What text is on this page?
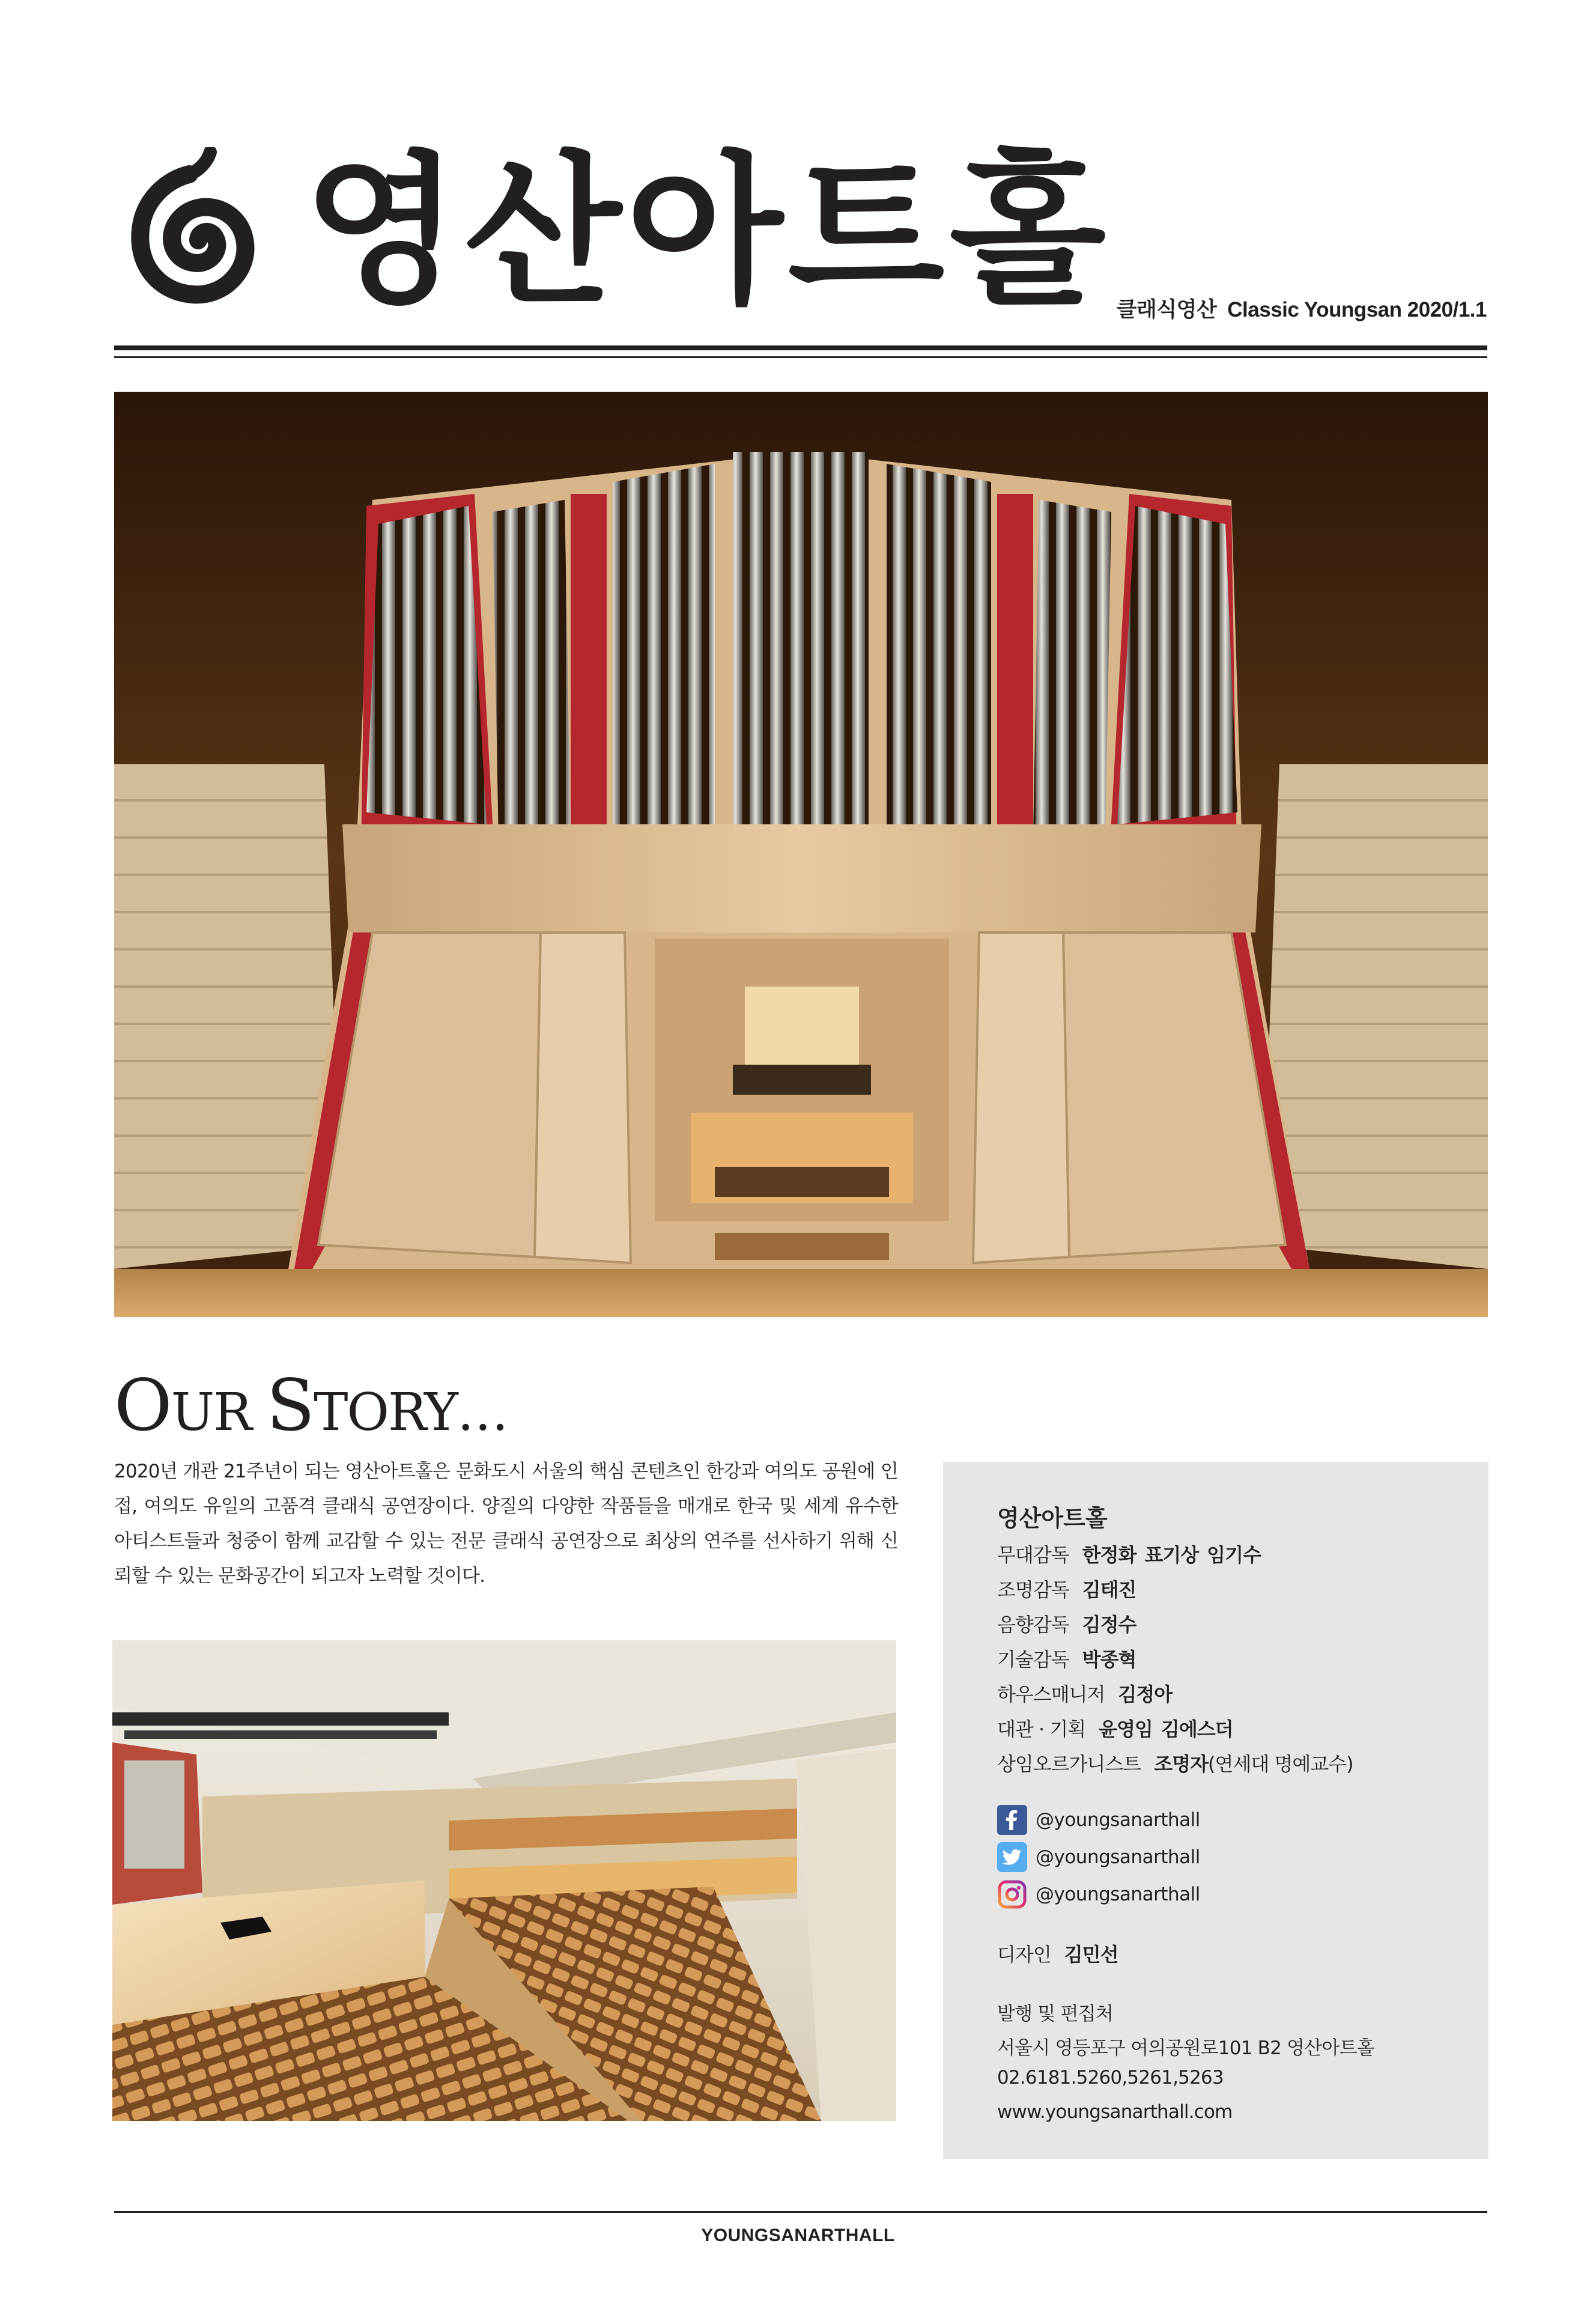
영산아트홀 클래식영산 Classic Youngsan 2020/1.1
OUR STORY…
2020년 개관 21주년이 되는 영산아트홀은 문화도시 서울의 핵심 콘텐츠인 한강과 여의도 공원에 인접, 여의도 유일의 고품격 클래식 공연장이다. 양질의 다양한 작품들을 매개로 한국 및 세계 유수한 아티스트들과 청중이 함께 교감할 수 있는 전문 클래식 공연장으로 최상의 연주를 선사하기 위해 신뢰할 수 있는 문화공간이 되고자 노력할 것이다.
영산아트홀
무대감독 한정화 표기상 임기수
조명감독 김태진
음향감독 김정수
기술감독 박종혁
하우스매니저 김정아
대관 · 기획 윤영임 김에스더
상임오르가니스트 조명자(연세대 명예교수)
@youngsanarthall
@youngsanarthall
@youngsanarthall
디자인 김민선
발행 및 편집처
서울시 영등포구 여의공원로101 B2 영산아트홀
02.6181.5260,5261,5263
www.youngsanarthall.com
YOUNGSANARTHALL
